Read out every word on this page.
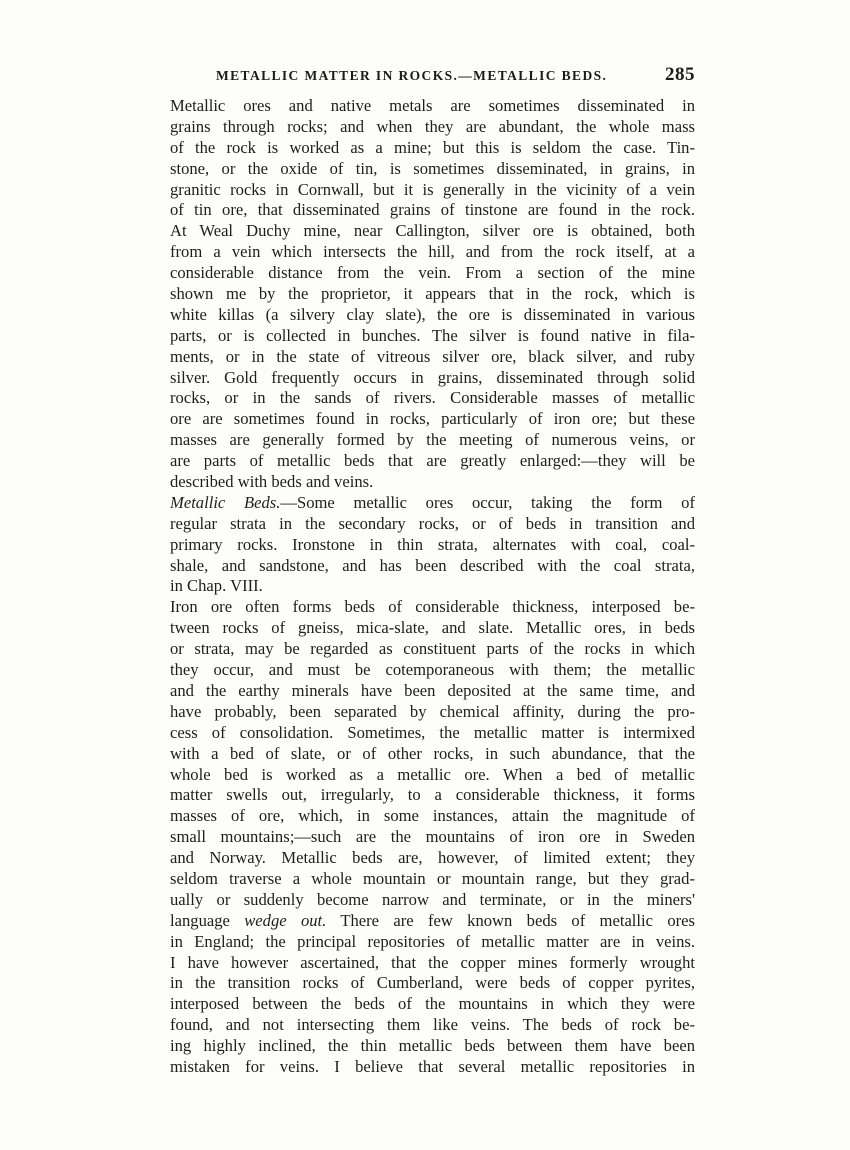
METALLIC MATTER IN ROCKS.—METALLIC BEDS.	285
Metallic ores and native metals are sometimes disseminated in
grains through rocks; and when they are abundant, the whole mass
of the rock is worked as a mine; but this is seldom the case. Tin-
stone, or the oxide of tin, is sometimes disseminated, in grains, in
granitic rocks in Cornwall, but it is generally in the vicinity of a vein
of tin ore, that disseminated grains of tinstone are found in the rock.
At Weal Duchy mine, near Callington, silver ore is obtained, both
from a vein which intersects the hill, and from the rock itself, at a
considerable distance from the vein. From a section of the mine
shown me by the proprietor, it appears that in the rock, which is
white killas (a silvery clay slate), the ore is disseminated in various
parts, or is collected in bunches. The silver is found native in fila-
ments, or in the state of vitreous silver ore, black silver, and ruby
silver. Gold frequently occurs in grains, disseminated through solid
rocks, or in the sands of rivers. Considerable masses of metallic
ore are sometimes found in rocks, particularly of iron ore; but these
masses are generally formed by the meeting of numerous veins, or
are parts of metallic beds that are greatly enlarged:—they will be
described with beds and veins.
Metallic Beds.—Some metallic ores occur, taking the form of
regular strata in the secondary rocks, or of beds in transition and
primary rocks. Ironstone in thin strata, alternates with coal, coal-
shale, and sandstone, and has been described with the coal strata,
in Chap. VIII.
Iron ore often forms beds of considerable thickness, interposed be-
tween rocks of gneiss, mica-slate, and slate. Metallic ores, in beds
or strata, may be regarded as constituent parts of the rocks in which
they occur, and must be cotemporaneous with them; the metallic
and the earthy minerals have been deposited at the same time, and
have probably, been separated by chemical affinity, during the pro-
cess of consolidation. Sometimes, the metallic matter is intermixed
with a bed of slate, or of other rocks, in such abundance, that the
whole bed is worked as a metallic ore. When a bed of metallic
matter swells out, irregularly, to a considerable thickness, it forms
masses of ore, which, in some instances, attain the magnitude of
small mountains;—such are the mountains of iron ore in Sweden
and Norway. Metallic beds are, however, of limited extent; they
seldom traverse a whole mountain or mountain range, but they grad-
ually or suddenly become narrow and terminate, or in the miners'
language wedge out. There are few known beds of metallic ores
in England; the principal repositories of metallic matter are in veins.
I have however ascertained, that the copper mines formerly wrought
in the transition rocks of Cumberland, were beds of copper pyrites,
interposed between the beds of the mountains in which they were
found, and not intersecting them like veins. The beds of rock be-
ing highly inclined, the thin metallic beds between them have been
mistaken for veins. I believe that several metallic repositories in
